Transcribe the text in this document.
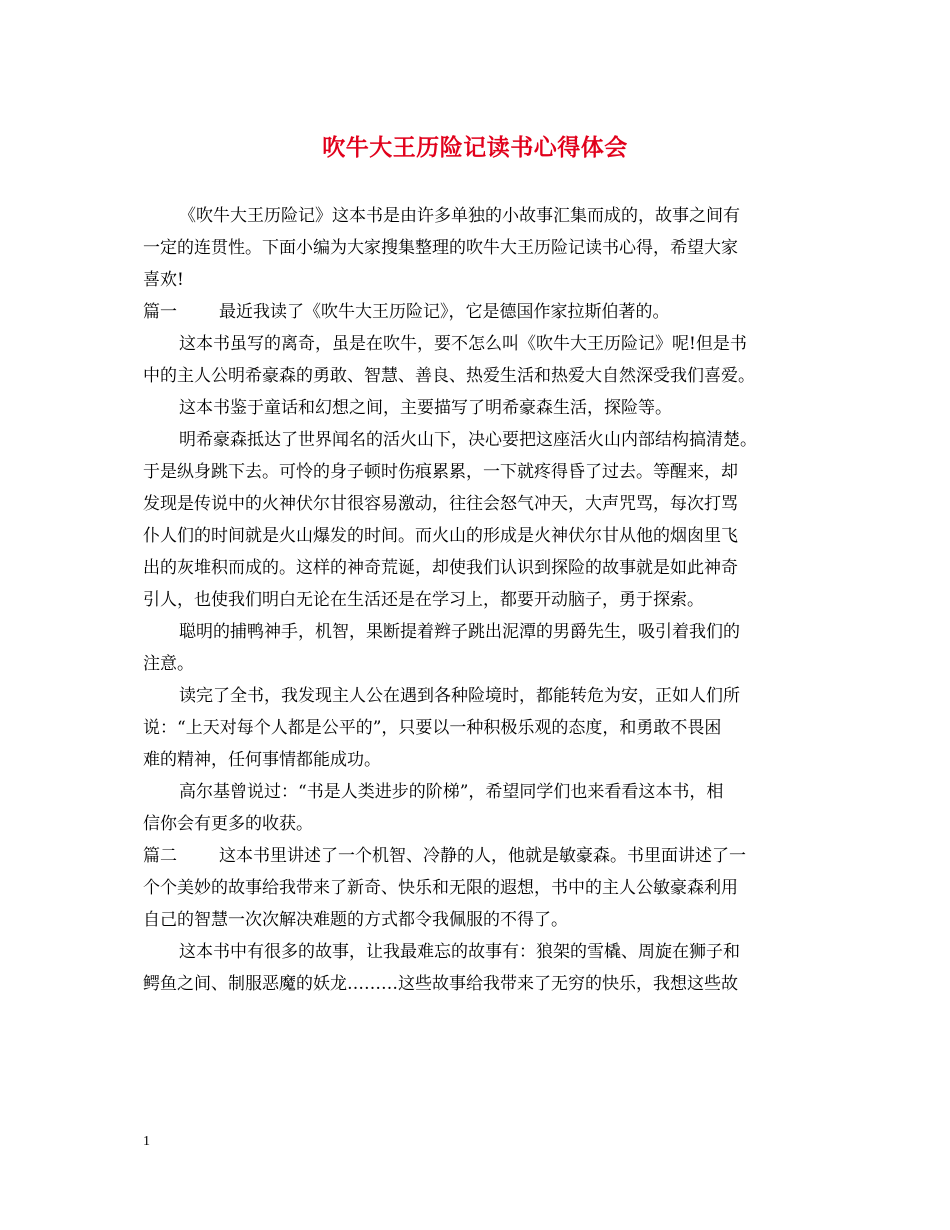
吹牛大王历险记读书心得体会
《吹牛大王历险记》这本书是由许多单独的小故事汇集而成的，故事之间有
一定的连贯性。下面小编为大家搜集整理的吹牛大王历险记读书心得，希望大家
喜欢!
篇一 最近我读了《吹牛大王历险记》，它是德国作家拉斯伯著的。
这本书虽写的离奇，虽是在吹牛，要不怎么叫《吹牛大王历险记》呢!但是书
中的主人公明希豪森的勇敢、智慧、善良、热爱生活和热爱大自然深受我们喜爱。
这本书鉴于童话和幻想之间，主要描写了明希豪森生活，探险等。
明希豪森抵达了世界闻名的活火山下，决心要把这座活火山内部结构搞清楚。
于是纵身跳下去。可怜的身子顿时伤痕累累，一下就疼得昏了过去。等醒来，却
发现是传说中的火神伏尔甘很容易激动，往往会怒气冲天，大声咒骂，每次打骂
仆人们的时间就是火山爆发的时间。而火山的形成是火神伏尔甘从他的烟囱里飞
出的灰堆积而成的。这样的神奇荒诞，却使我们认识到探险的故事就是如此神奇
引人，也使我们明白无论在生活还是在学习上，都要开动脑子，勇于探索。
聪明的捕鸭神手，机智，果断提着辫子跳出泥潭的男爵先生，吸引着我们的
注意。
读完了全书，我发现主人公在遇到各种险境时，都能转危为安，正如人们所
说：“上天对每个人都是公平的”，只要以一种积极乐观的态度，和勇敢不畏困
难的精神，任何事情都能成功。
高尔基曾说过：“书是人类进步的阶梯”，希望同学们也来看看这本书，相
信你会有更多的收获。
篇二 这本书里讲述了一个机智、冷静的人，他就是敏豪森。书里面讲述了一
个个美妙的故事给我带来了新奇、快乐和无限的遐想，书中的主人公敏豪森利用
自己的智慧一次次解决难题的方式都令我佩服的不得了。
这本书中有很多的故事，让我最难忘的故事有：狼架的雪橇、周旋在狮子和
鳄鱼之间、制服恶魔的妖龙………这些故事给我带来了无穷的快乐，我想这些故
1
